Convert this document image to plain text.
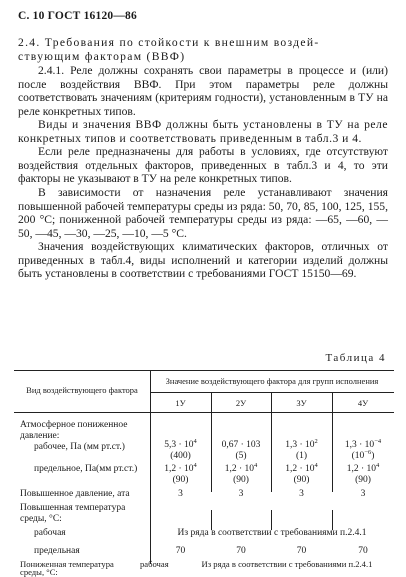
С. 10 ГОСТ 16120—86
2.4. Требования по стойкости к внешним воздей-
ствующим факторам (ВВФ)
2.4.1. Реле должны сохранять свои параметры в процессе и (или) после воздействия ВВФ. При этом параметры реле должны соответствовать значениям (критериям годности), установленным в ТУ на реле конкретных типов.
Виды и значения ВВФ должны быть установлены в ТУ на реле конкретных типов и соответствовать приведенным в табл.3 и 4.
Если реле предназначены для работы в условиях, где отсутствуют воздействия отдельных факторов, приведенных в табл.3 и 4, то эти факторы не указывают в ТУ на реле конкретных типов.
В зависимости от назначения реле устанавливают значения повышенной рабочей температуры среды из ряда: 50, 70, 85, 100, 125, 155, 200 °С; пониженной рабочей температуры среды из ряда: —65, —60, —50, —45, —30, —25, —10, —5 °С.
Значения воздействующих климатических факторов, отличных от приведенных в табл.4, виды исполнений и категории изделий должны быть установлены в соответствии с требованиями ГОСТ 15150—69.
Таблица 4
Вид воздействующего фактора
Значение воздействующего фактора для групп исполнения
1У	2У	3У	4У
Атмосферное пониженное
давление:
рабочее, Па (мм рт.ст.)	$5,3 \cdot 10^4$	0,67 · 103	$1,3 \cdot 10^2$	$1,3 \cdot 10^{-4}$
(400)	(5)	(1)	$(10^{-6})$
предельное, Па(мм рт.ст.)	$1,2 \cdot 10^4$	$1,2 \cdot 10^4$	$1,2 \cdot 10^4$	$1,2 \cdot 10^4$
(90)	(90)	(90)	(90)
Повышенное давление, ата	3	3	3	3
Повышенная температура
среды, °С:
рабочая	Из ряда в соответствии с требованиями п.2.4.1
предельная	70	70	70	70
Пониженная температура
среды, °С:
рабочая	Из ряда в соответствии с требованиями п.2.4.1
